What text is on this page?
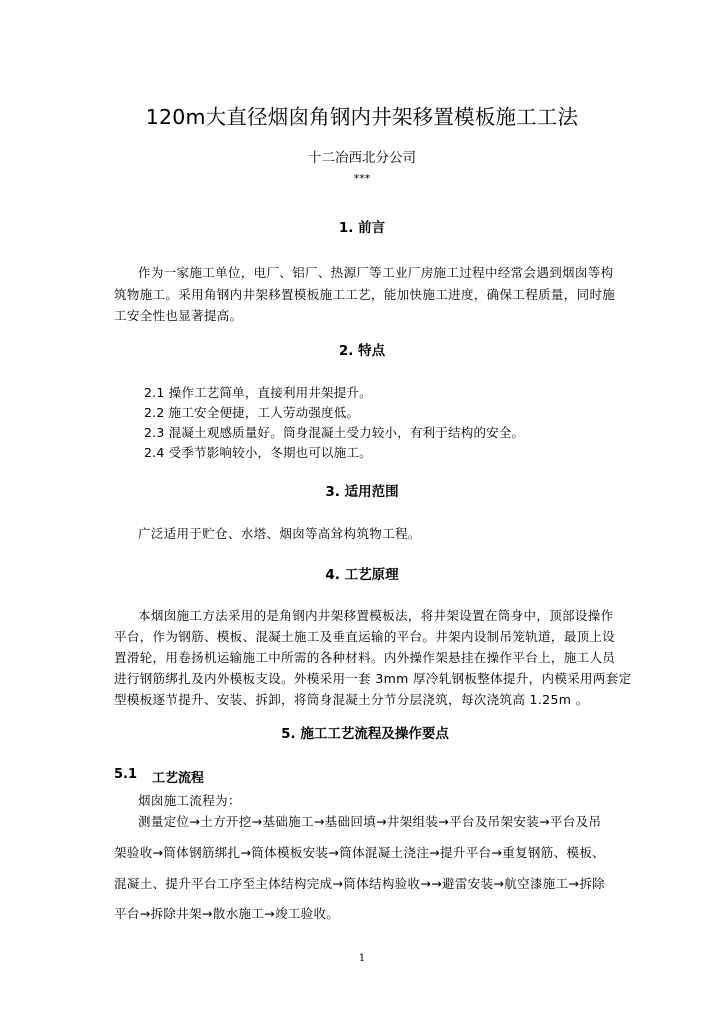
120m大直径烟囱角钢内井架移置模板施工工法
十二冶西北分公司
***
1. 前言
作为一家施工单位，电厂、铝厂、热源厂等工业厂房施工过程中经常会遇到烟囱等构
筑物施工。采用角钢内井架移置模板施工工艺，能加快施工进度，确保工程质量，同时施
工安全性也显著提高。
2. 特点
2.1 操作工艺简单，直接利用井架提升。
2.2 施工安全便捷，工人劳动强度低。
2.3 混凝土观感质量好。筒身混凝土受力较小，有利于结构的安全。
2.4 受季节影响较小，冬期也可以施工。
3. 适用范围
广泛适用于贮仓、水塔、烟囱等高耸构筑物工程。
4. 工艺原理
本烟囱施工方法采用的是角钢内井架移置模板法，将井架设置在筒身中，顶部设操作
平台，作为钢筋、模板、混凝土施工及垂直运输的平台。井架内设制吊笼轨道，最顶上设
置滑轮，用卷扬机运输施工中所需的各种材料。内外操作架悬挂在操作平台上，施工人员
进行钢筋绑扎及内外模板支设。外模采用一套 3mm 厚冷轧钢板整体提升，内模采用两套定
型模板逐节提升、安装、拆卸，将筒身混凝土分节分层浇筑，每次浇筑高 1.25m 。
5. 施工工艺流程及操作要点
5.1 工艺流程
烟囱施工流程为：
测量定位→土方开挖→基础施工→基础回填→井架组装→平台及吊架安装→平台及吊
架验收→筒体钢筋绑扎→筒体模板安装→筒体混凝土浇注→提升平台→重复钢筋、模板、
混凝土、提升平台工序至主体结构完成→筒体结构验收→→避雷安装→航空漆施工→拆除
平台→拆除井架→散水施工→竣工验收。
1
